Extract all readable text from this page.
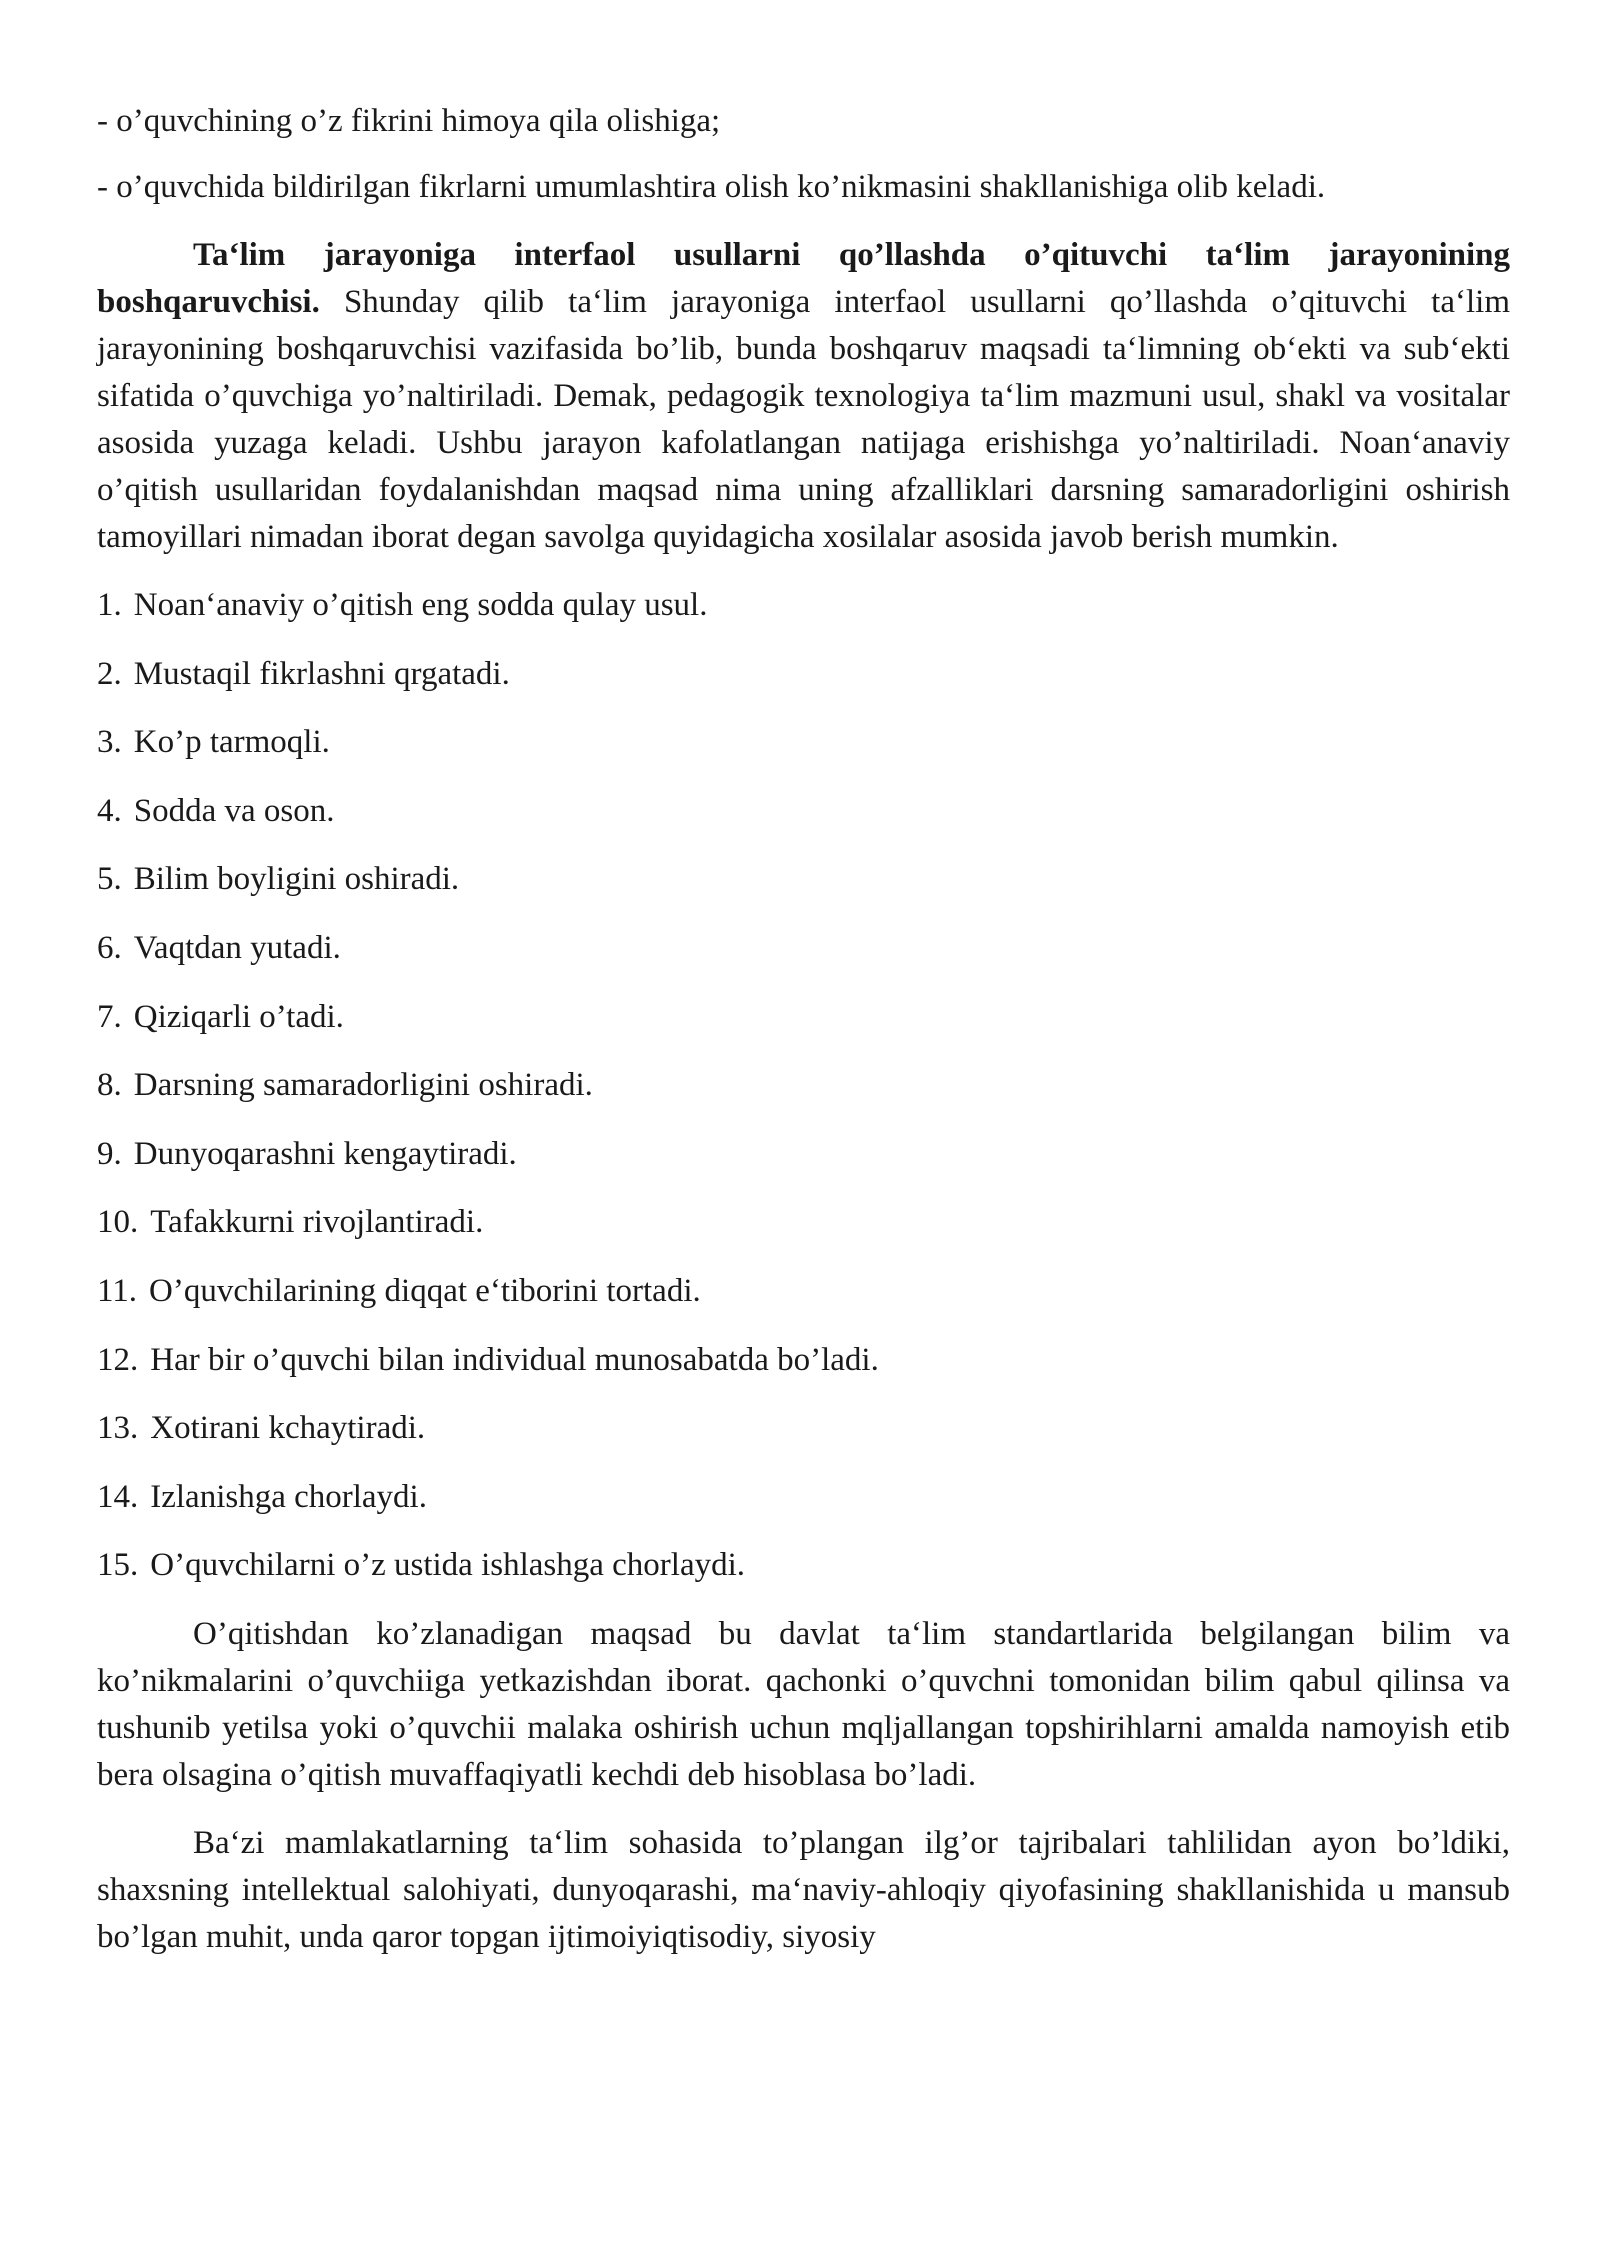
- o’quvchining o’z fikrini himoya qila olishiga;

- o’quvchida bildirilgan fikrlarni umumlashtira olish ko’nikmasini shakllanishiga olib keladi.

Ta‘lim jarayoniga interfaol usullarni qo’llashda o’qituvchi ta‘lim jarayonining boshqaruvchisi. Shunday qilib ta‘lim jarayoniga interfaol usullarni qo’llashda o’qituvchi ta‘lim jarayonining boshqaruvchisi vazifasida bo’lib, bunda boshqaruv maqsadi ta‘limning ob‘ekti va sub‘ekti sifatida o’quvchiga yo’naltiriladi. Demak, pedagogik texnologiya ta‘lim mazmuni usul, shakl va vositalar asosida yuzaga keladi. Ushbu jarayon kafolatlangan natijaga erishishga yo’naltiriladi. Noan‘anaviy o’qitish usullaridan foydalanishdan maqsad nima uning afzalliklari darsning samaradorligini oshirish tamoyillari nimadan iborat degan savolga quyidagicha xosilalar asosida javob berish mumkin.

1. Noan‘anaviy o’qitish eng sodda qulay usul.
2. Mustaqil fikrlashni qrgatadi.
3. Ko’p tarmoqli.
4. Sodda va oson.
5. Bilim boyligini oshiradi.
6. Vaqtdan yutadi.
7. Qiziqarli o’tadi.
8. Darsning samaradorligini oshiradi.
9. Dunyoqarashni kengaytiradi.
10. Tafakkurni rivojlantiradi.
11. O’quvchilarining diqqat e‘tiborini tortadi.
12. Har bir o’quvchi bilan individual munosabatda bo’ladi.
13. Xotirani kchaytiradi.
14. Izlanishga chorlaydi.
15. O’quvchilarni o’z ustida ishlashga chorlaydi.

O’qitishdan ko’zlanadigan maqsad bu davlat ta‘lim standartlarida belgilangan bilim va ko’nikmalarini o’quvchiiga yetkazishdan iborat. qachonki o’quvchni tomonidan bilim qabul qilinsa va tushunib yetilsa yoki o’quvchii malaka oshirish uchun mqljallangan topshirihlarni amalda namoyish etib bera olsagina o’qitish muvaffaqiyatli kechdi deb hisoblasa bo’ladi.

Ba‘zi mamlakatlarning ta‘lim sohasida to’plangan ilg’or tajribalari tahlilidan ayon bo’ldiki, shaxsning intellektual salohiyati, dunyoqarashi, ma‘naviy-ahloqiy qiyofasining shakllanishida u mansub bo’lgan muhit, unda qaror topgan ijtimoiyiqtisodiy, siyosiy
